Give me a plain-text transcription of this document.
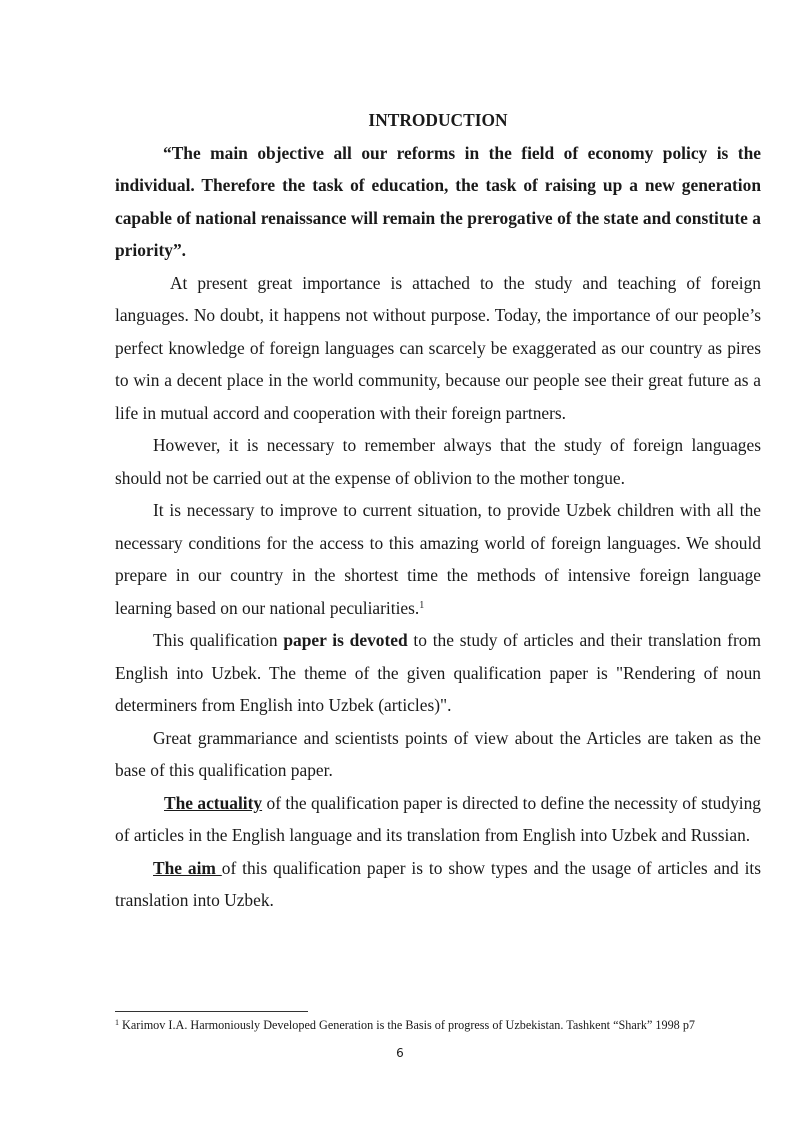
INTRODUCTION

“The main objective all our reforms in the field of economy policy is the individual. Therefore the task of education, the task of raising up a new generation capable of national renaissance will remain the prerogative of the state and constitute a priority”.

At present great importance is attached to the study and teaching of foreign languages. No doubt, it happens not without purpose. Today, the importance of our people’s perfect knowledge of foreign languages can scarcely be exaggerated as our country as pires to win a decent place in the world community, because our people see their great future as a life in mutual accord and cooperation with their foreign partners.

However, it is necessary to remember always that the study of foreign languages should not be carried out at the expense of oblivion to the mother tongue.

It is necessary to improve to current situation, to provide Uzbek children with all the necessary conditions for the access to this amazing world of foreign languages. We should prepare in our country in the shortest time the methods of intensive foreign language learning based on our national peculiarities.$^1$

This qualification paper is devoted to the study of articles and their translation from English into Uzbek. The theme of the given qualification paper is "Rendering of noun determiners from English into Uzbek (articles)".

Great grammariance and scientists points of view about the Articles are taken as the base of this qualification paper.

The actuality of the qualification paper is directed to define the necessity of studying of articles in the English language and its translation from English into Uzbek and Russian.

The aim of this qualification paper is to show types and the usage of articles and its translation into Uzbek.

$^1$ Karimov I.A. Harmoniously Developed Generation is the Basis of progress of Uzbekistan. Tashkent “Shark” 1998 p7
6
